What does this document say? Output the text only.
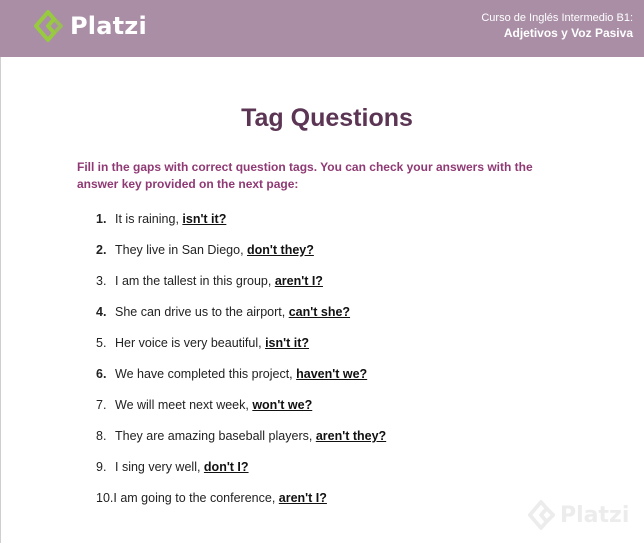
Platzi	Curso de Inglés Intermedio B1:
Adjetivos y Voz Pasiva
Tag Questions

Fill in the gaps with correct question tags. You can check your answers with the answer key provided on the next page:

1. It is raining, isn't it?
2. They live in San Diego, don't they?
3. I am the tallest in this group, aren't I?
4. She can drive us to the airport, can't she?
5. Her voice is very beautiful, isn't it?
6. We have completed this project, haven't we?
7. We will meet next week, won't we?
8. They are amazing baseball players, aren't they?
9. I sing very well, don't I?
10.I am going to the conference, aren't I?
Platzi
